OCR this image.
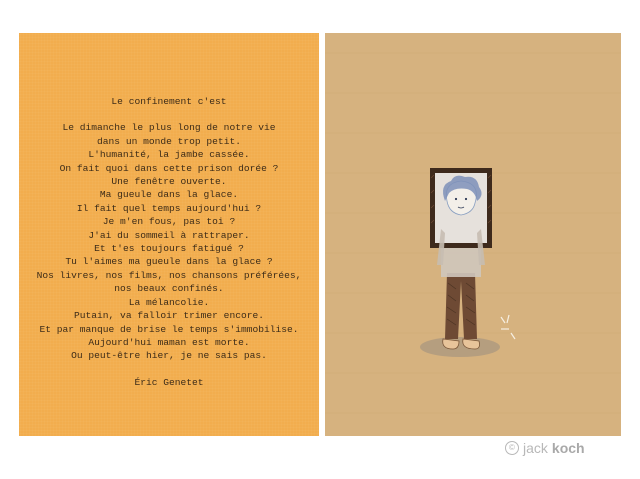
Le confinement c'est
Le dimanche le plus long de notre vie
dans un monde trop petit.
L'humanité, la jambe cassée.
On fait quoi dans cette prison dorée ?
Une fenêtre ouverte.
Ma gueule dans la glace.
Il fait quel temps aujourd'hui ?
Je m'en fous, pas toi ?
J'ai du sommeil à rattraper.
Et t'es toujours fatigué ?
Tu l'aimes ma gueule dans la glace ?
Nos livres, nos films, nos chansons préférées,
nos beaux confinés.
La mélancolie.
Putain, va falloir trimer encore.
Et par manque de brise le temps s'immobilise.
Aujourd'hui maman est morte.
Ou peut-être hier, je ne sais pas.
Éric Genetet
© jack koch
